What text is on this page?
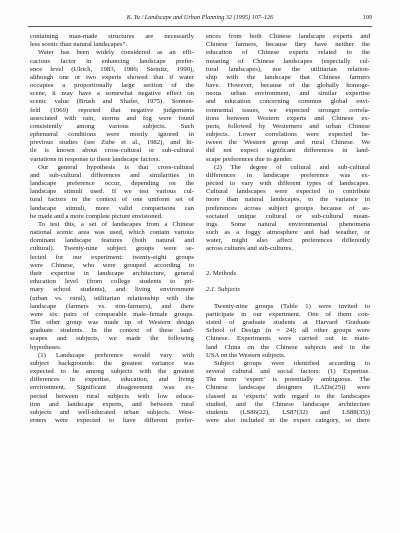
K. Yu / Landscape and Urban Planning 32 (1995) 107–126	109
containing man-made structures are necessarily
less scenic than natural landscapes”.
Water has been widely considered as an effi-
cacious factor in enhancing landscape prefer-
ence level (Ulrich, 1983, 1986; Steinitz, 1990),
although one or two experts showed that if water
occupies a proportionally large section of the
scene, it may have a somewhat negative effect on
scenic value (Brush and Shafer, 1975). Sonnen-
feld (1969) reported that negative judgements
associated with rain, storms and fog were found
consistently among various subjects. Such
ephemeral conditions were mostly ignored in
previous studies (see Zube et al., 1982), and lit-
tle is known about cross-cultural or sub-cultural
variations in response to these landscape factors.
Our general hypothesis is that cross-cultural
and sub-cultural differences and similarities in
landscape preference occur, depending on the
landscape stimuli used. If we test various cul-
tural factors in the context of one uniform set of
landscape stimuli, more valid comparisons can
be made and a more complete picture envisioned.
To test this, a set of landscapes from a Chinese
national scenic area was used, which contain various
dominant landscape features (both natural and
cultural). Twenty-nine subject groups were se-
lected for our experiment: twenty-eight groups
were Chinese, who were grouped according to
their expertise in landscape architecture, general
education level (from college students to pri-
mary school students), and living environment
(urban vs. rural), utilitarian relationship with the
landscape (farmers vs. non-farmers), and there
were six pairs of comparable male–female groups.
The other group was made up of Western design
graduate students. In the context of these land-
scapes and subjects, we made the following
hypotheses.
(1) Landscape preference would vary with
subject backgrounds: the greatest variance was
expected to be among subjects with the greatest
differences in expertise, education, and living
environment. Significant disagreement was ex-
pected between rural subjects with low educa-
tion and landscape experts, and between rural
subjects and well-educated urban subjects. West-
erners were expected to have different prefer-
ences from both Chinese landscape experts and
Chinese farmers, because they have neither the
education of Chinese experts related to the
meaning of Chinese landscapes (especially cul-
tural landscapes), nor the utilitarian relation-
ship with the landscape that Chinese farmers
have. However, because of the globally homoge-
neous urban environment, and similar expertise
and education concerning common global envi-
ronmental issues, we expected stronger correla-
tions between Western experts and Chinese ex-
perts, followed by Westerners and urban Chinese
subjects. Lower correlations were expected be-
tween the Western group and rural Chinese. We
did not expect significant differences in land-
scape preferences due to gender.
(2) The degree of cultural and sub-cultural
differences in landscape preference was ex-
pected to vary with different types of landscapes.
Cultural landscapes were expected to contribute
more than natural landscapes, to the variance in
preferences across subject groups because of as-
sociated unique cultural or sub-cultural mean-
ings. Some natural environmental phenomena
such as a foggy atmosphere and bad weather, or
water, might also affect preferences differently
across cultures and sub-cultures.
2. Methods
2.1. Subjects
Twenty-nine groups (Table 1) were invited to
participate in our experiment. One of them con-
sisted of graduate students at Harvard Graduate
School of Design (n = 24); all other groups were
Chinese. Experiments were carried out in main-
land China on the Chinese subjects and in the
USA on the Western subjects.
Subject groups were identified according to
several cultural and social factors: (1) Expertise.
The term ‘expert’ is potentially ambiguous. The
Chinese landscape designers (LADs(25)) were
classed as ‘experts’ with regard to the landscapes
studied, and the Chinese landscape architecture
students (LS86(22), LS87(32) and LS88(35))
were also included in the expert category, so there
